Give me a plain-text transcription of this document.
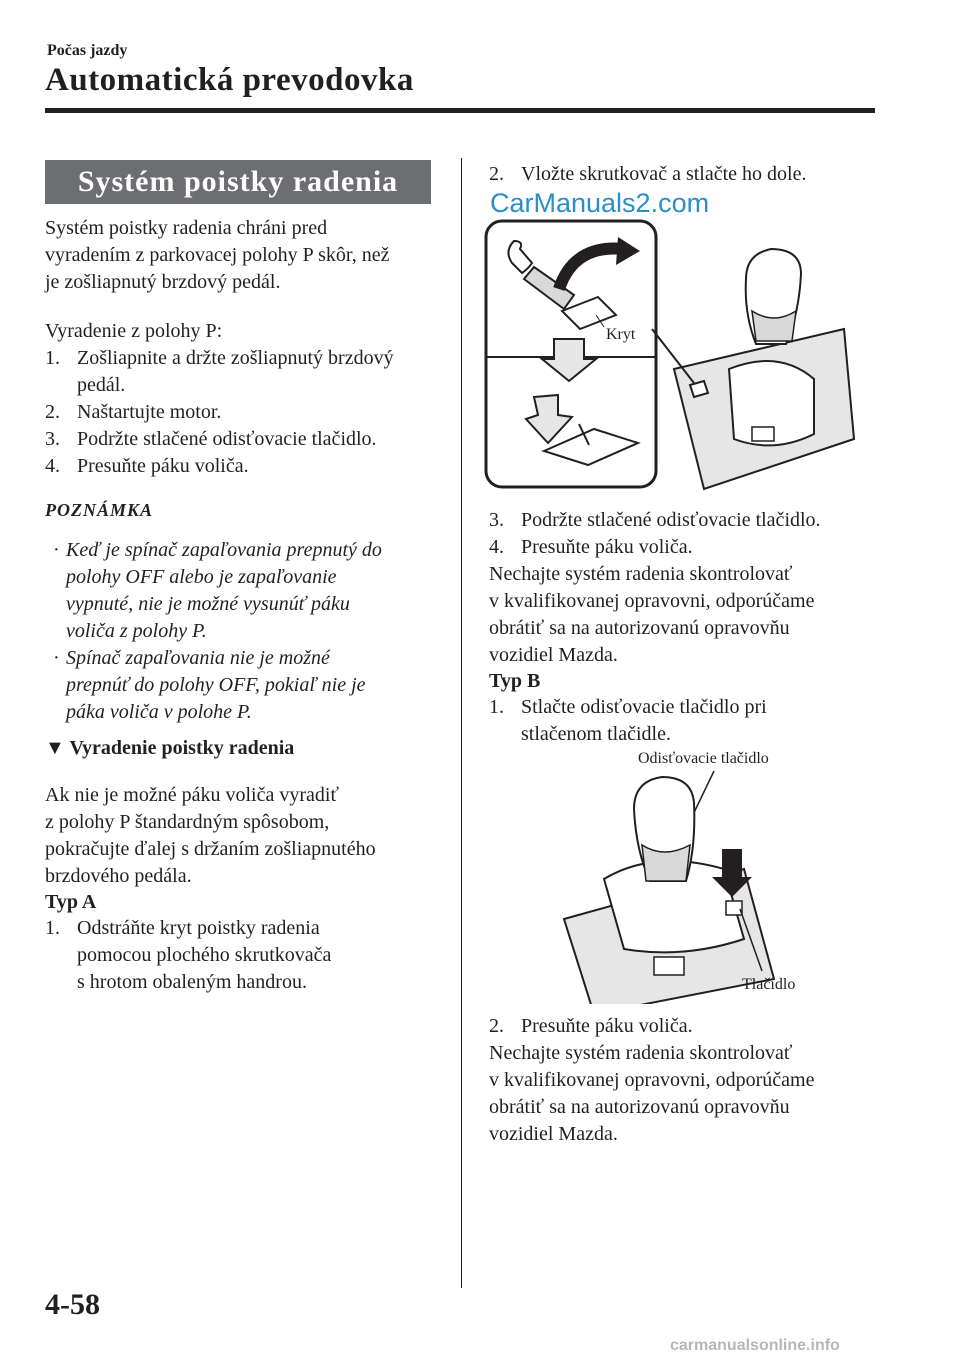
Počas jazdy
Automatická prevodovka
Systém poistky radenia
Systém poistky radenia chráni pred
vyradením z parkovacej polohy P skôr, než
je zošliapnutý brzdový pedál.
Vyradenie z polohy P:
1. Zošliapnite a držte zošliapnutý brzdový
pedál.
2. Naštartujte motor.
3. Podržte stlačené odisťovacie tlačidlo.
4. Presuňte páku voliča.
POZNÁMKA
· Keď je spínač zapaľovania prepnutý do
polohy OFF alebo je zapaľovanie
vypnuté, nie je možné vysunúť páku
voliča z polohy P.
· Spínač zapaľovania nie je možné
prepnúť do polohy OFF, pokiaľ nie je
páka voliča v polohe P.
▼ Vyradenie poistky radenia
Ak nie je možné páku voliča vyradiť
z polohy P štandardným spôsobom,
pokračujte ďalej s držaním zošliapnutého
brzdového pedála.
Typ A
1. Odstráňte kryt poistky radenia
pomocou plochého skrutkovača
s hrotom obaleným handrou.
2. Vložte skrutkovač a stlačte ho dole.
CarManuals2.com
Kryt
3. Podržte stlačené odisťovacie tlačidlo.
4. Presuňte páku voliča.
Nechajte systém radenia skontrolovať
v kvalifikovanej opravovni, odporúčame
obrátiť sa na autorizovanú opravovňu
vozidiel Mazda.
Typ B
1. Stlačte odisťovacie tlačidlo pri
stlačenom tlačidle.
Odisťovacie tlačidlo
Tlačidlo
2. Presuňte páku voliča.
Nechajte systém radenia skontrolovať
v kvalifikovanej opravovni, odporúčame
obrátiť sa na autorizovanú opravovňu
vozidiel Mazda.
4-58
carmanualsonline.info
